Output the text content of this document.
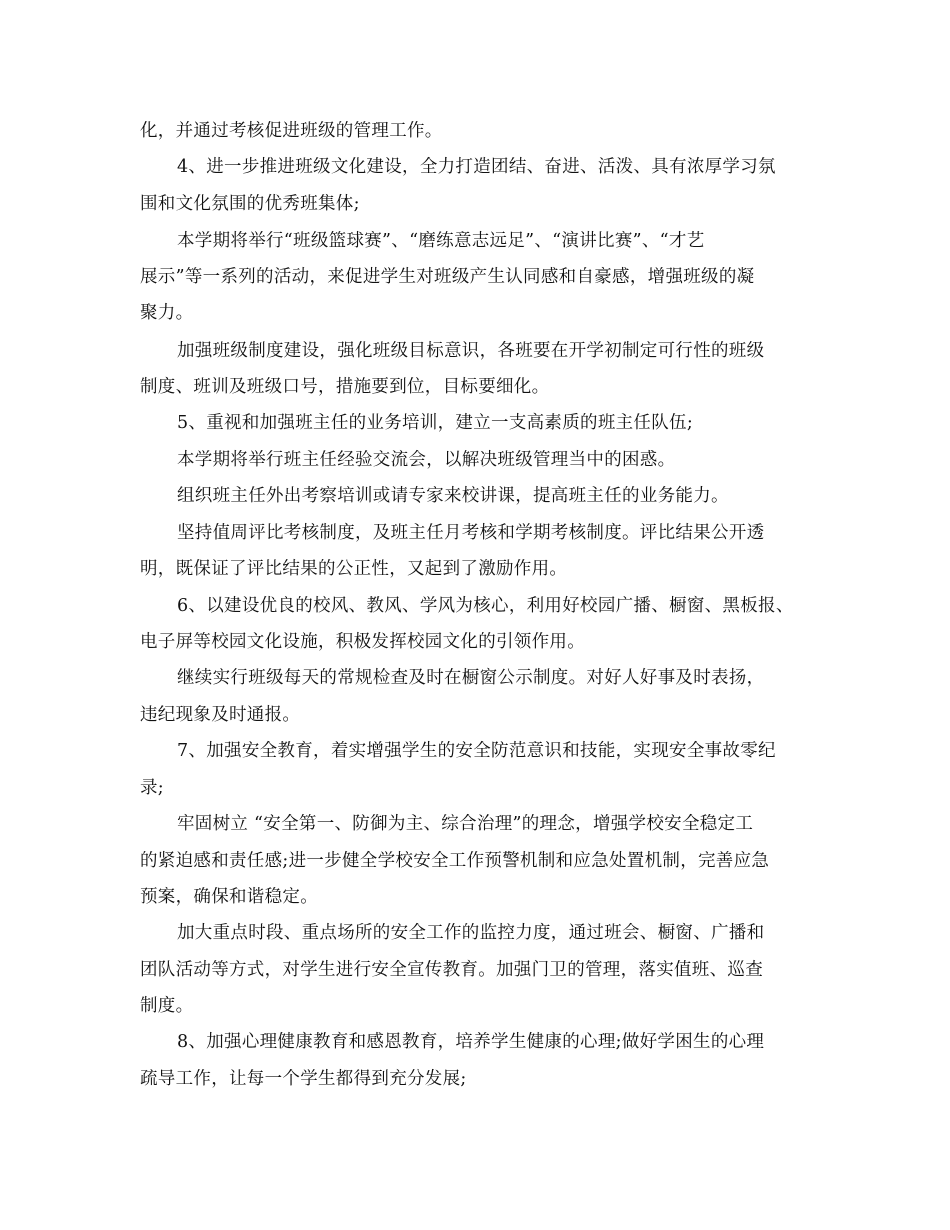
化，并通过考核促进班级的管理工作。
4、进一步推进班级文化建设，全力打造团结、奋进、活泼、具有浓厚学习氛
围和文化氛围的优秀班集体;
本学期将举行“班级篮球赛”、“磨练意志远足”、“演讲比赛”、“才艺
展示”等一系列的活动，来促进学生对班级产生认同感和自豪感，增强班级的凝
聚力。
加强班级制度建设，强化班级目标意识，各班要在开学初制定可行性的班级
制度、班训及班级口号，措施要到位，目标要细化。
5、重视和加强班主任的业务培训，建立一支高素质的班主任队伍;
本学期将举行班主任经验交流会，以解决班级管理当中的困惑。
组织班主任外出考察培训或请专家来校讲课，提高班主任的业务能力。
坚持值周评比考核制度，及班主任月考核和学期考核制度。评比结果公开透
明，既保证了评比结果的公正性，又起到了激励作用。
6、以建设优良的校风、教风、学风为核心，利用好校园广播、橱窗、黑板报、
电子屏等校园文化设施，积极发挥校园文化的引领作用。
继续实行班级每天的常规检查及时在橱窗公示制度。对好人好事及时表扬，
违纪现象及时通报。
7、加强安全教育，着实增强学生的安全防范意识和技能，实现安全事故零纪
录;
牢固树立 “安全第一、防御为主、综合治理”的理念，增强学校安全稳定工
的紧迫感和责任感;进一步健全学校安全工作预警机制和应急处置机制，完善应急
预案，确保和谐稳定。
加大重点时段、重点场所的安全工作的监控力度，通过班会、橱窗、广播和
团队活动等方式，对学生进行安全宣传教育。加强门卫的管理，落实值班、巡查
制度。
8、加强心理健康教育和感恩教育，培养学生健康的心理;做好学困生的心理
疏导工作，让每一个学生都得到充分发展;
